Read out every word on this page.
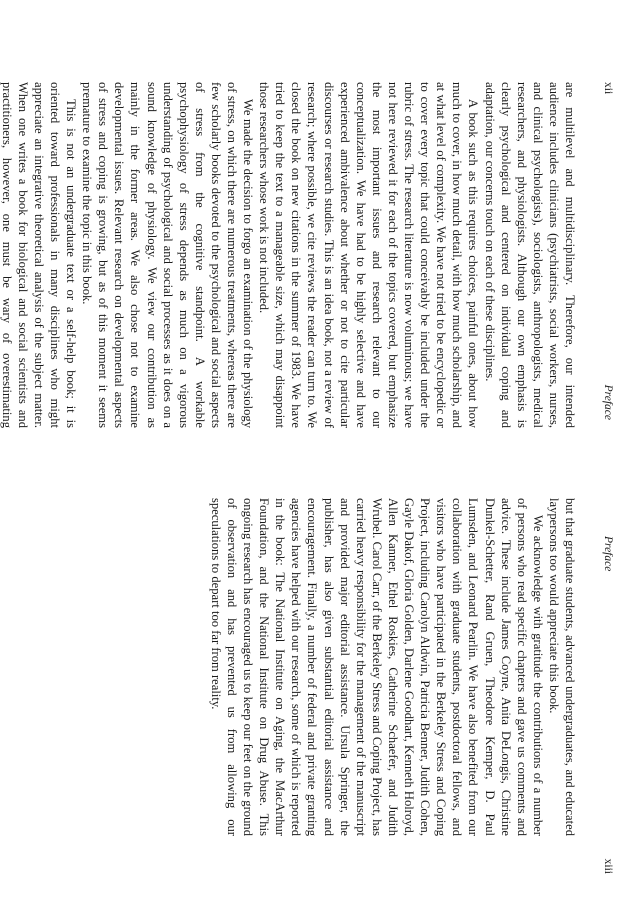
xii
Preface

are multilevel and multidisciplinary. Therefore, our intended audience includes clinicians (psychiatrists, social workers, nurses, and clinical psychologists), sociologists, anthropologists, medical researchers, and physiologists. Although our own emphasis is clearly psychological and centered on individual coping and adaptation, our concerns touch on each of these disciplines.

A book such as this requires choices, painful ones, about how much to cover, in how much detail, with how much scholarship, and at what level of complexity. We have not tried to be encyclopedic or to cover every topic that could conceivably be included under the rubric of stress. The research literature is now voluminous; we have not here reviewed it for each of the topics covered, but emphasize the most important issues and research relevant to our conceptualization. We have had to be highly selective and have experienced ambivalence about whether or not to cite particular discourses or research studies. This is an idea book, not a review of research; where possible, we cite reviews the reader can turn to. We closed the book on new citations in the summer of 1983. We have tried to keep the text to a manageable size, which may disappoint those researchers whose work is not included.

We made the decision to forgo an examination of the physiology of stress, on which there are numerous treatments, whereas there are few scholarly books devoted to the psychological and social aspects of stress from the cognitive standpoint. A workable psychophysiology of stress depends as much on a vigorous understanding of psychological and social processes as it does on a sound knowledge of physiology. We view our contribution as mainly in the former areas. We also chose not to examine developmental issues. Relevant research on developmental aspects of stress and coping is growing, but as of this moment it seems premature to examine the topic in this book.

This is not an undergraduate text or a self-help book; it is oriented toward professionals in many disciplines who might appreciate an integrative theoretical analysis of the subject matter. When one writes a book for biological and social scientists and practitioners, however, one must be wary of overestimating

Preface
xiii

but that graduate students, advanced undergraduates, and educated laypersons too would appreciate this book.

We acknowledge with gratitude the contributions of a number of persons who read specific chapters and gave us comments and advice. These include James Coyne, Anita DeLongis, Christine Dunkel-Schetter, Rand Gruen, Theodore Kemper, D. Paul Lumsden, and Leonard Pearlin. We have also benefited from our collaboration with graduate students, postdoctoral fellows, and visitors who have participated in the Berkeley Stress and Coping Project, including Carolyn Aldwin, Patricia Benner, Judith Cohen, Gayle Dakof, Gloria Golden, Darlene Goodhart, Kenneth Holroyd, Allen Kanner, Ethel Roskies, Catherine Schaefer, and Judith Wrubel. Carol Carr, of the Berkeley Stress and Coping Project, has carried heavy responsibility for the management of the manuscript and provided major editorial assistance. Ursula Springer, the publisher, has also given substantial editorial assistance and encouragement. Finally, a number of federal and private granting agencies have helped with our research, some of which is reported in the book: The National Institute on Aging, the MacArthur Foundation, and the National Institute on Drug Abuse. This ongoing research has encouraged us to keep our feet on the ground of observation and has prevented us from allowing our speculations to depart too far from reality.
